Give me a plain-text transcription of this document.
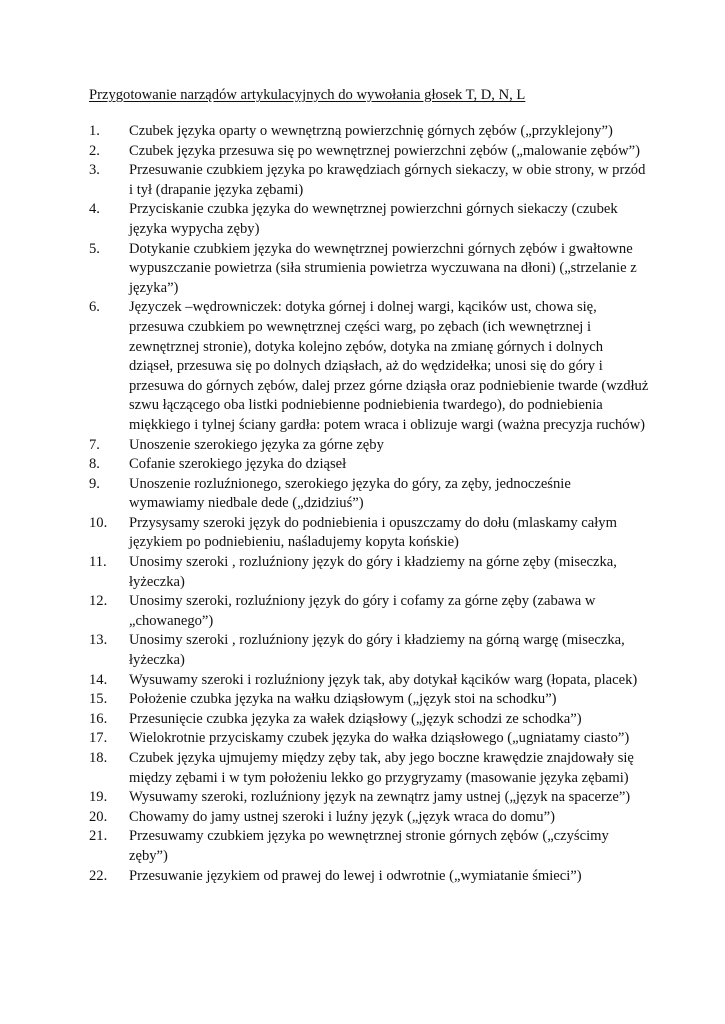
Przygotowanie narządów artykulacyjnych do wywołania głosek T, D, N, L

1.	Czubek języka oparty o wewnętrzną powierzchnię górnych zębów („przyklejony”)
2.	Czubek języka przesuwa się po wewnętrznej powierzchni zębów („malowanie zębów”)
3.	Przesuwanie czubkiem języka po krawędziach górnych siekaczy, w obie strony, w przód i tył (drapanie języka zębami)
4.	Przyciskanie czubka języka do wewnętrznej powierzchni górnych siekaczy (czubek języka wypycha zęby)
5.	Dotykanie czubkiem języka do wewnętrznej powierzchni górnych zębów i gwałtowne wypuszczanie powietrza (siła strumienia powietrza wyczuwana na dłoni) („strzelanie z języka”)
6.	Języczek –wędrowniczek: dotyka górnej i dolnej wargi, kącików ust, chowa się, przesuwa czubkiem po wewnętrznej części warg, po zębach (ich wewnętrznej i zewnętrznej stronie), dotyka kolejno zębów, dotyka na zmianę górnych i dolnych dziąseł, przesuwa się po dolnych dziąsłach, aż do wędzidełka; unosi się do góry i przesuwa do górnych zębów, dalej przez górne dziąsła oraz podniebienie twarde (wzdłuż szwu łączącego oba listki podniebienne podniebienia twardego), do podniebienia miękkiego i tylnej ściany gardła: potem wraca i oblizuje wargi (ważna precyzja ruchów)
7.	Unoszenie szerokiego języka za górne zęby
8.	Cofanie szerokiego języka do dziąseł
9.	Unoszenie rozluźnionego, szerokiego języka do góry, za zęby, jednocześnie wymawiamy niedbale dede („dzidziuś”)
10.	Przysysamy szeroki język do podniebienia i opuszczamy do dołu (mlaskamy całym językiem po podniebieniu, naśladujemy kopyta końskie)
11.	Unosimy szeroki , rozluźniony język do góry i kładziemy na górne zęby (miseczka, łyżeczka)
12.	Unosimy szeroki, rozluźniony język do góry i cofamy za górne zęby (zabawa w „chowanego”)
13.	Unosimy szeroki , rozluźniony język do góry i kładziemy na górną wargę (miseczka, łyżeczka)
14.	Wysuwamy szeroki i rozluźniony język tak, aby dotykał kącików warg (łopata, placek)
15.	Położenie czubka języka na wałku dziąsłowym („język stoi na schodku”)
16.	Przesunięcie czubka języka za wałek dziąsłowy („język schodzi ze schodka”)
17.	Wielokrotnie przyciskamy czubek języka do wałka dziąsłowego („ugniatamy ciasto”)
18.	Czubek języka ujmujemy między zęby tak, aby jego boczne krawędzie znajdowały się między zębami i w tym położeniu lekko go przygryzamy (masowanie języka zębami)
19.	Wysuwamy szeroki, rozluźniony język na zewnątrz jamy ustnej („język na spacerze”)
20.	Chowamy do jamy ustnej szeroki i luźny język („język wraca do domu”)
21.	Przesuwamy czubkiem języka po wewnętrznej stronie górnych zębów („czyścimy zęby”)
22.	Przesuwanie językiem od prawej do lewej i odwrotnie („wymiatanie śmieci”)
